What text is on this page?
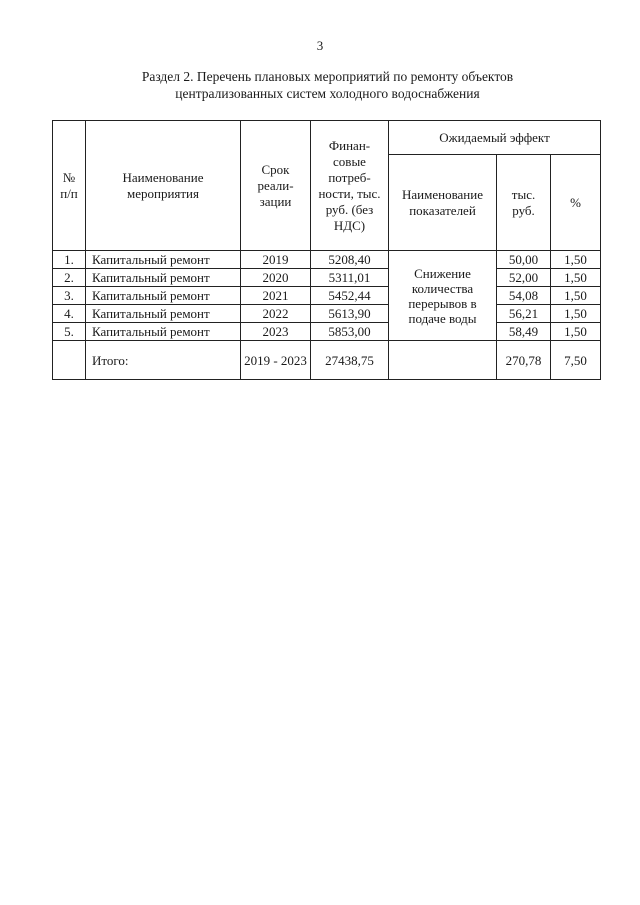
3
Раздел 2. Перечень плановых мероприятий по ремонту объектов
централизованных систем холодного водоснабжения
№ п/п	Наименование мероприятия	Срок реали-зации	Финан-совые потреб-ности, тыс. руб. (без НДС)	Ожидаемый эффект		
				Наименование показателей	тыс. руб.	%
1.	Капитальный ремонт	2019	5208,40	Снижение количества перерывов в подаче воды	50,00	1,50
2.	Капитальный ремонт	2020	5311,01		52,00	1,50
3.	Капитальный ремонт	2021	5452,44		54,08	1,50
4.	Капитальный ремонт	2022	5613,90		56,21	1,50
5.	Капитальный ремонт	2023	5853,00		58,49	1,50
	Итого:	2019 - 2023	27438,75		270,78	7,50
